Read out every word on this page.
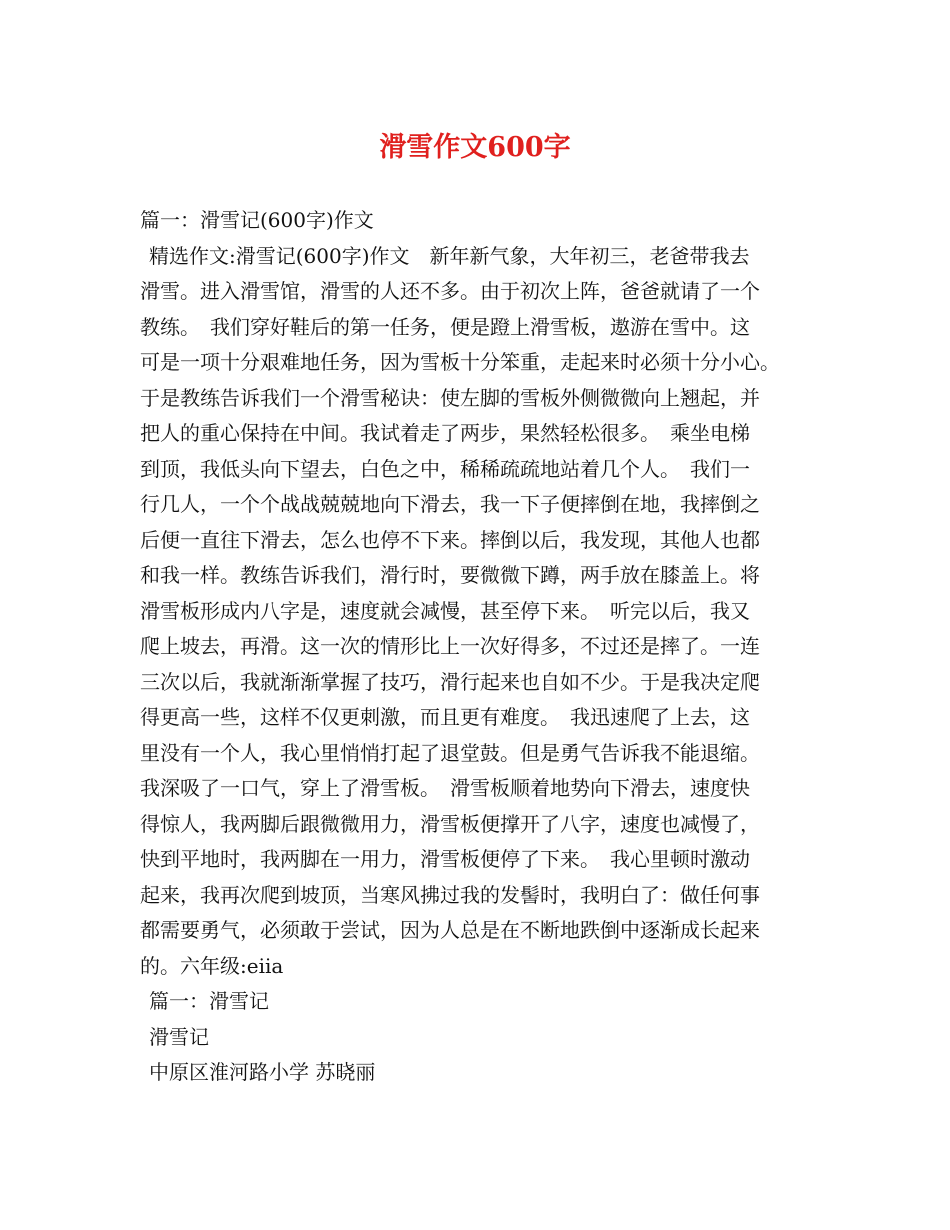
滑雪作文600字
篇一：滑雪记(600字)作文
精选作文:滑雪记(600字)作文　新年新气象，大年初三，老爸带我去
滑雪。进入滑雪馆，滑雪的人还不多。由于初次上阵，爸爸就请了一个
教练。　我们穿好鞋后的第一任务，便是蹬上滑雪板，遨游在雪中。这
可是一项十分艰难地任务，因为雪板十分笨重，走起来时必须十分小心。
于是教练告诉我们一个滑雪秘诀：使左脚的雪板外侧微微向上翘起，并
把人的重心保持在中间。我试着走了两步，果然轻松很多。　乘坐电梯
到顶，我低头向下望去，白色之中，稀稀疏疏地站着几个人。　我们一
行几人，一个个战战兢兢地向下滑去，我一下子便摔倒在地，我摔倒之
后便一直往下滑去，怎么也停不下来。摔倒以后，我发现，其他人也都
和我一样。教练告诉我们，滑行时，要微微下蹲，两手放在膝盖上。将
滑雪板形成内八字是，速度就会减慢，甚至停下来。　听完以后，我又
爬上坡去，再滑。这一次的情形比上一次好得多，不过还是摔了。一连
三次以后，我就渐渐掌握了技巧，滑行起来也自如不少。于是我决定爬
得更高一些，这样不仅更刺激，而且更有难度。　我迅速爬了上去，这
里没有一个人，我心里悄悄打起了退堂鼓。但是勇气告诉我不能退缩。
我深吸了一口气，穿上了滑雪板。　滑雪板顺着地势向下滑去，速度快
得惊人，我两脚后跟微微用力，滑雪板便撑开了八字，速度也减慢了，
快到平地时，我两脚在一用力，滑雪板便停了下来。　我心里顿时激动
起来，我再次爬到坡顶，当寒风拂过我的发髻时，我明白了：做任何事
都需要勇气，必须敢于尝试，因为人总是在不断地跌倒中逐渐成长起来
的。六年级:eiia
篇一：滑雪记
滑雪记
中原区淮河路小学 苏晓丽
